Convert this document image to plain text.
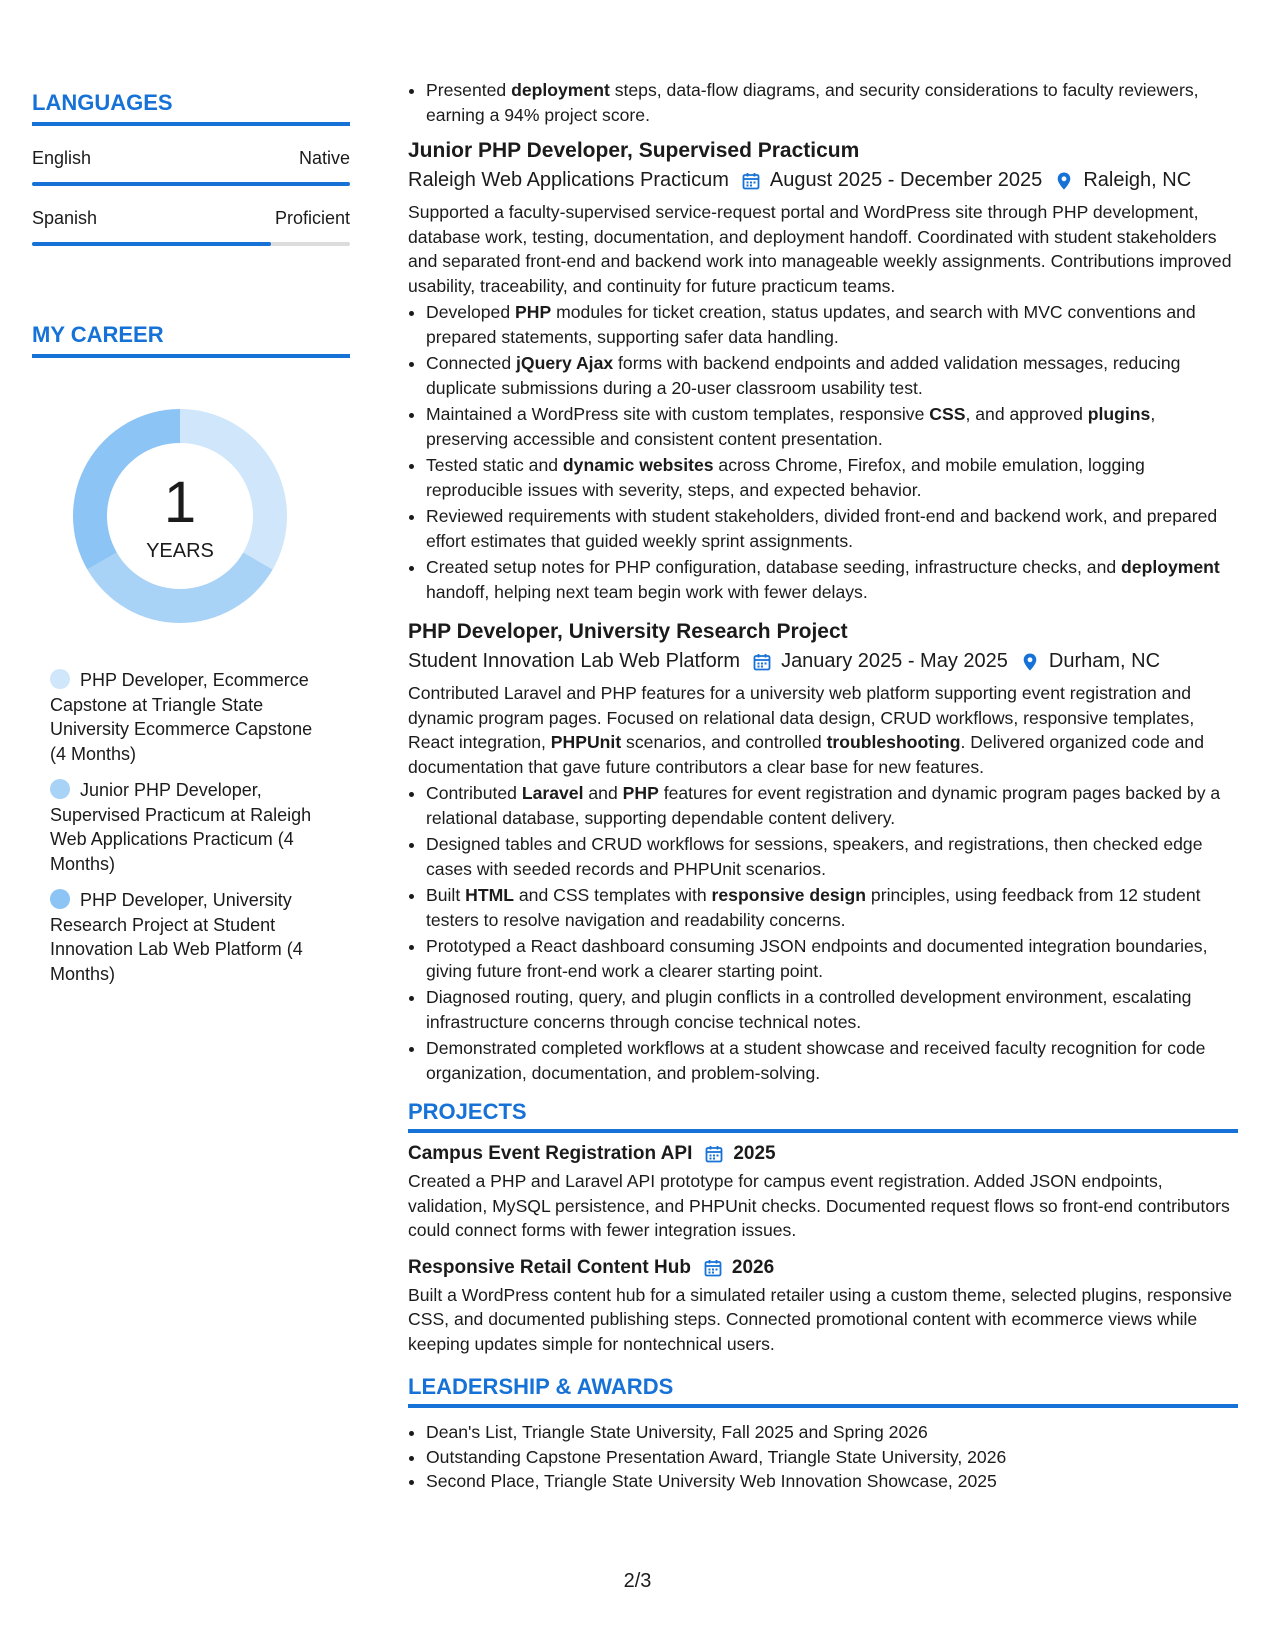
LANGUAGES
English	Native
Spanish	Proficient
MY CAREER
1
YEARS
PHP Developer, Ecommerce Capstone at Triangle State University Ecommerce Capstone (4 Months)
Junior PHP Developer, Supervised Practicum at Raleigh Web Applications Practicum (4 Months)
PHP Developer, University Research Project at Student Innovation Lab Web Platform (4 Months)
• Presented deployment steps, data-flow diagrams, and security considerations to faculty reviewers, earning a 94% project score.
Junior PHP Developer, Supervised Practicum
Raleigh Web Applications Practicum August 2025 - December 2025 Raleigh, NC

Supported a faculty-supervised service-request portal and WordPress site through PHP development, database work, testing, documentation, and deployment handoff. Coordinated with student stakeholders and separated front-end and backend work into manageable weekly assignments. Contributions improved usability, traceability, and continuity for future practicum teams.

• Developed PHP modules for ticket creation, status updates, and search with MVC conventions and prepared statements, supporting safer data handling.
• Connected jQuery Ajax forms with backend endpoints and added validation messages, reducing duplicate submissions during a 20-user classroom usability test.
• Maintained a WordPress site with custom templates, responsive CSS, and approved plugins, preserving accessible and consistent content presentation.
• Tested static and dynamic websites across Chrome, Firefox, and mobile emulation, logging reproducible issues with severity, steps, and expected behavior.
• Reviewed requirements with student stakeholders, divided front-end and backend work, and prepared effort estimates that guided weekly sprint assignments.
• Created setup notes for PHP configuration, database seeding, infrastructure checks, and deployment handoff, helping next team begin work with fewer delays.
PHP Developer, University Research Project
Student Innovation Lab Web Platform January 2025 - May 2025 Durham, NC

Contributed Laravel and PHP features for a university web platform supporting event registration and dynamic program pages. Focused on relational data design, CRUD workflows, responsive templates, React integration, PHPUnit scenarios, and controlled troubleshooting. Delivered organized code and documentation that gave future contributors a clear base for new features.

• Contributed Laravel and PHP features for event registration and dynamic program pages backed by a relational database, supporting dependable content delivery.
• Designed tables and CRUD workflows for sessions, speakers, and registrations, then checked edge cases with seeded records and PHPUnit scenarios.
• Built HTML and CSS templates with responsive design principles, using feedback from 12 student testers to resolve navigation and readability concerns.
• Prototyped a React dashboard consuming JSON endpoints and documented integration boundaries, giving future front-end work a clearer starting point.
• Diagnosed routing, query, and plugin conflicts in a controlled development environment, escalating infrastructure concerns through concise technical notes.
• Demonstrated completed workflows at a student showcase and received faculty recognition for code organization, documentation, and problem-solving.
PROJECTS
Campus Event Registration API 2025

Created a PHP and Laravel API prototype for campus event registration. Added JSON endpoints, validation, MySQL persistence, and PHPUnit checks. Documented request flows so front-end contributors could connect forms with fewer integration issues.

Responsive Retail Content Hub 2026

Built a WordPress content hub for a simulated retailer using a custom theme, selected plugins, responsive CSS, and documented publishing steps. Connected promotional content with ecommerce views while keeping updates simple for nontechnical users.

LEADERSHIP & AWARDS
• Dean's List, Triangle State University, Fall 2025 and Spring 2026
• Outstanding Capstone Presentation Award, Triangle State University, 2026
• Second Place, Triangle State University Web Innovation Showcase, 2025
2/3
